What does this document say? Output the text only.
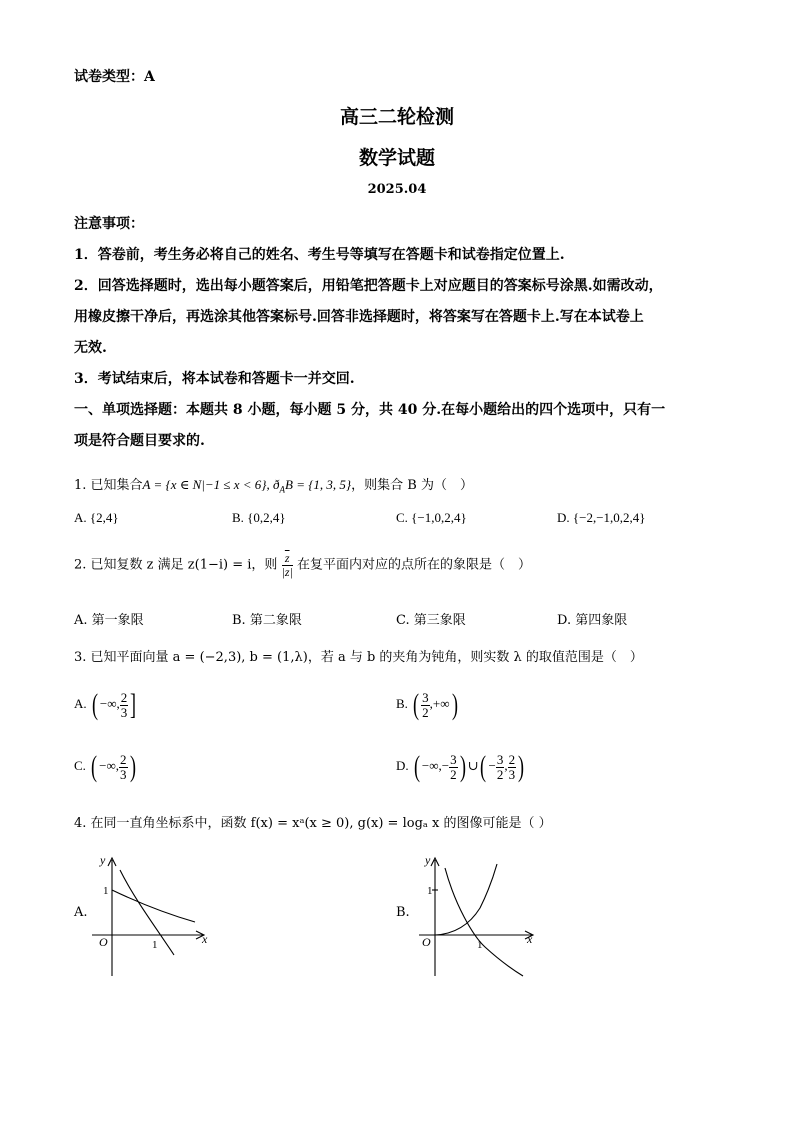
试卷类型：A
高三二轮检测
数学试题
2025.04
注意事项：
1．答卷前，考生务必将自己的姓名、考生号等填写在答题卡和试卷指定位置上.
2．回答选择题时，选出每小题答案后，用铅笔把答题卡上对应题目的答案标号涂黑.如需改动，
用橡皮擦干净后，再选涂其他答案标号.回答非选择题时，将答案写在答题卡上.写在本试卷上
无效.
3．考试结束后，将本试卷和答题卡一并交回.
一、单项选择题：本题共 8 小题，每小题 5 分，共 40 分.在每小题给出的四个选项中，只有一
项是符合题目要求的.
1. 已知集合A = {x ∈ N|−1 ≤ x < 6}, $ð_AB = \{1$, 3, 5}，则集合 B 为（　）
A. {2,4}	B. {0,2,4}	C. {−1,0,2,4}	D. {−2,−1,0,2,4}
2. 已知复数 z 满足 z(1−i) = i，则 $\frac{\overline{z}}{|z|}$ 在复平面内对应的点所在的象限是（　）
A. 第一象限	B. 第二象限	C. 第三象限	D. 第四象限
3. 已知平面向量 a = (−2,3), b = (1,λ)，若 a 与 b 的夹角为钝角，则实数 λ 的取值范围是（　）
A. ( −∞, $\frac{2}{3}$ ]	B. ( $\frac{3}{2}$ ,+∞)
C. ( −∞, $\frac{2}{3}$ )	D. ( −∞,− $\frac{3}{2}$ ) ∪( − $\frac{3}{2}$ , $\frac{2}{3}$ )
4. 在同一直角坐标系中，函数 f(x) = xᵃ(x ≥ 0), g(x) = logₐ x 的图像可能是（ ）
A.
y
x
O
1
1
B.
y
x
O
1
1
